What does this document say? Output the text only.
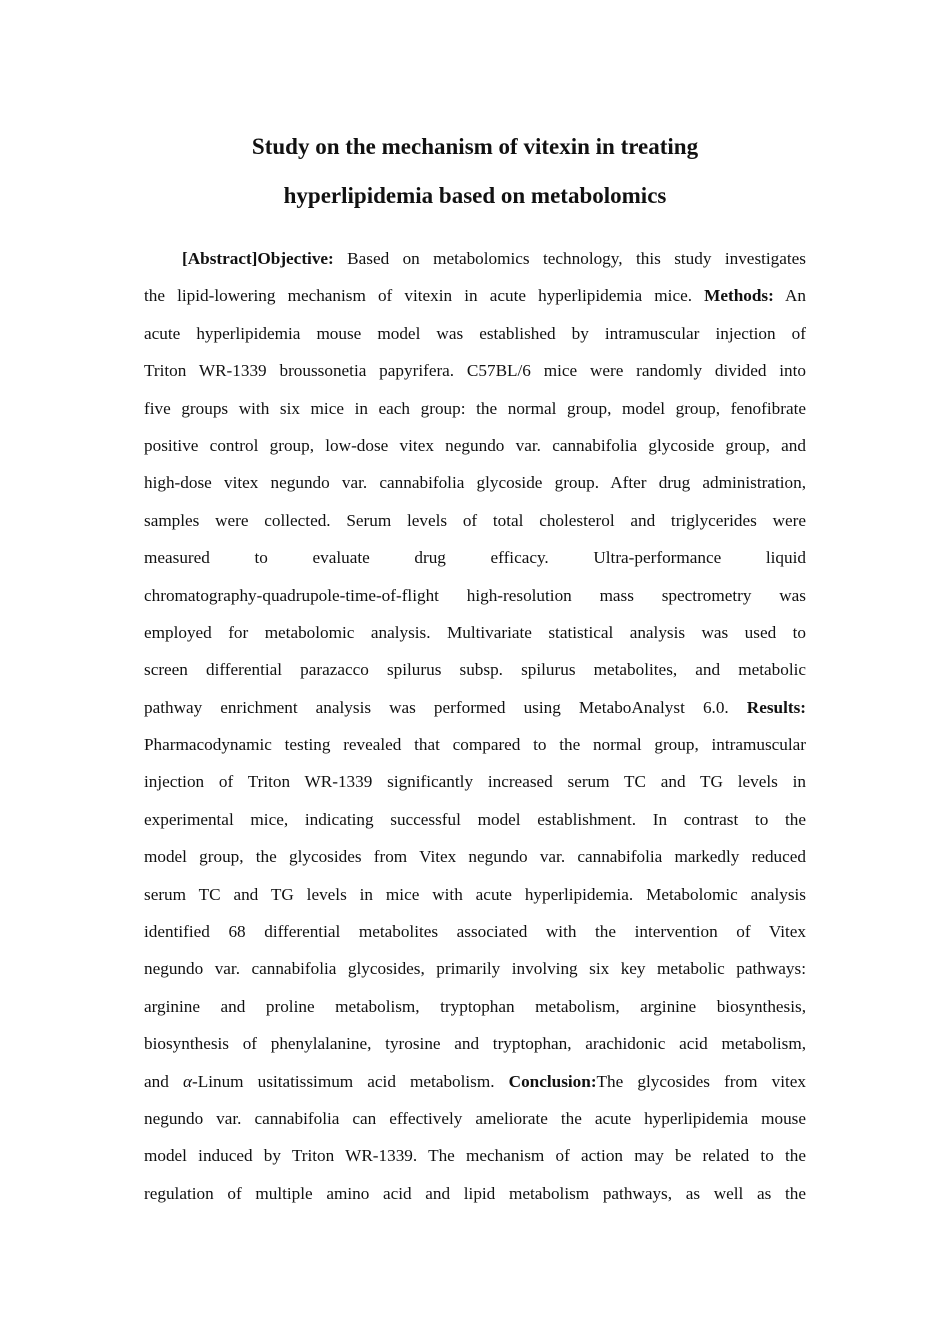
Study on the mechanism of vitexin in treating
hyperlipidemia based on metabolomics
[Abstract]Objective: Based on metabolomics technology, this study investigates
the lipid-lowering mechanism of vitexin in acute hyperlipidemia mice. Methods: An
acute hyperlipidemia mouse model was established by intramuscular injection of
Triton WR-1339 broussonetia papyrifera. C57BL/6 mice were randomly divided into
five groups with six mice in each group: the normal group, model group, fenofibrate
positive control group, low-dose vitex negundo var. cannabifolia glycoside group, and
high-dose vitex negundo var. cannabifolia glycoside group. After drug administration,
samples were collected. Serum levels of total cholesterol and triglycerides were
measured to evaluate drug efficacy. Ultra-performance liquid
chromatography-quadrupole-time-of-flight high-resolution mass spectrometry was
employed for metabolomic analysis. Multivariate statistical analysis was used to
screen differential parazacco spilurus subsp. spilurus metabolites, and metabolic
pathway enrichment analysis was performed using MetaboAnalyst 6.0. Results:
Pharmacodynamic testing revealed that compared to the normal group, intramuscular
injection of Triton WR-1339 significantly increased serum TC and TG levels in
experimental mice, indicating successful model establishment. In contrast to the
model group, the glycosides from Vitex negundo var. cannabifolia markedly reduced
serum TC and TG levels in mice with acute hyperlipidemia. Metabolomic analysis
identified 68 differential metabolites associated with the intervention of Vitex
negundo var. cannabifolia glycosides, primarily involving six key metabolic pathways:
arginine and proline metabolism, tryptophan metabolism, arginine biosynthesis,
biosynthesis of phenylalanine, tyrosine and tryptophan, arachidonic acid metabolism,
and α-Linum usitatissimum acid metabolism. Conclusion:The glycosides from vitex
negundo var. cannabifolia can effectively ameliorate the acute hyperlipidemia mouse
model induced by Triton WR-1339. The mechanism of action may be related to the
regulation of multiple amino acid and lipid metabolism pathways, as well as the
